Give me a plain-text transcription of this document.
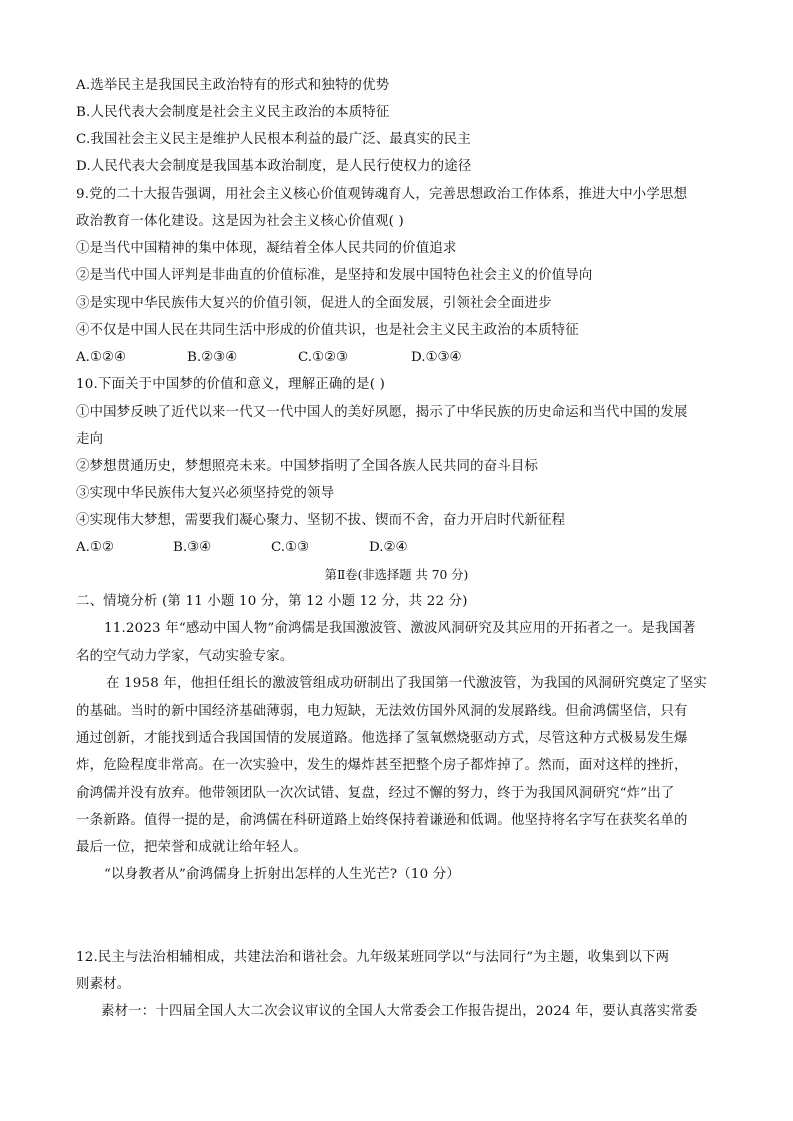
A.选举民主是我国民主政治特有的形式和独特的优势
B.人民代表大会制度是社会主义民主政治的本质特征
C.我国社会主义民主是维护人民根本利益的最广泛、最真实的民主
D.人民代表大会制度是我国基本政治制度，是人民行使权力的途径
9.党的二十大报告强调，用社会主义核心价值观铸魂育人，完善思想政治工作体系，推进大中小学思想
政治教育一体化建设。这是因为社会主义核心价值观( )
①是当代中国精神的集中体现，凝结着全体人民共同的价值追求
②是当代中国人评判是非曲直的价值标准，是坚持和发展中国特色社会主义的价值导向
③是实现中华民族伟大复兴的价值引领，促进人的全面发展，引领社会全面进步
④不仅是中国人民在共同生活中形成的价值共识，也是社会主义民主政治的本质特征
A.①②④	B.②③④	C.①②③	D.①③④
10.下面关于中国梦的价值和意义，理解正确的是( )
①中国梦反映了近代以来一代又一代中国人的美好夙愿，揭示了中华民族的历史命运和当代中国的发展
走向
②梦想贯通历史，梦想照亮未来。中国梦指明了全国各族人民共同的奋斗目标
③实现中华民族伟大复兴必须坚持党的领导
④实现伟大梦想，需要我们凝心聚力、坚韧不拔、锲而不舍，奋力开启时代新征程
A.①②	B.③④	C.①③	D.②④
第Ⅱ卷(非选择题 共 70 分)
二、情境分析 (第 11 小题 10 分，第 12 小题 12 分，共 22 分)
11.2023 年“感动中国人物”俞鸿儒是我国激波管、激波风洞研究及其应用的开拓者之一。是我国著
名的空气动力学家，气动实验专家。
在 1958 年，他担任组长的激波管组成功研制出了我国第一代激波管，为我国的风洞研究奠定了坚实
的基础。当时的新中国经济基础薄弱，电力短缺，无法效仿国外风洞的发展路线。但俞鸿儒坚信，只有
通过创新，才能找到适合我国国情的发展道路。他选择了氢氧燃烧驱动方式，尽管这种方式极易发生爆
炸，危险程度非常高。在一次实验中，发生的爆炸甚至把整个房子都炸掉了。然而，面对这样的挫折，
俞鸿儒并没有放弃。他带领团队一次次试错、复盘，经过不懈的努力，终于为我国风洞研究“炸”出了
一条新路。值得一提的是，俞鸿儒在科研道路上始终保持着谦逊和低调。他坚持将名字写在获奖名单的
最后一位，把荣誉和成就让给年轻人。
“以身教者从”俞鸿儒身上折射出怎样的人生光芒?（10 分）
12.民主与法治相辅相成，共建法治和谐社会。九年级某班同学以“与法同行”为主题，收集到以下两
则素材。
素材一：十四届全国人大二次会议审议的全国人大常委会工作报告提出，2024 年，要认真落实常委
